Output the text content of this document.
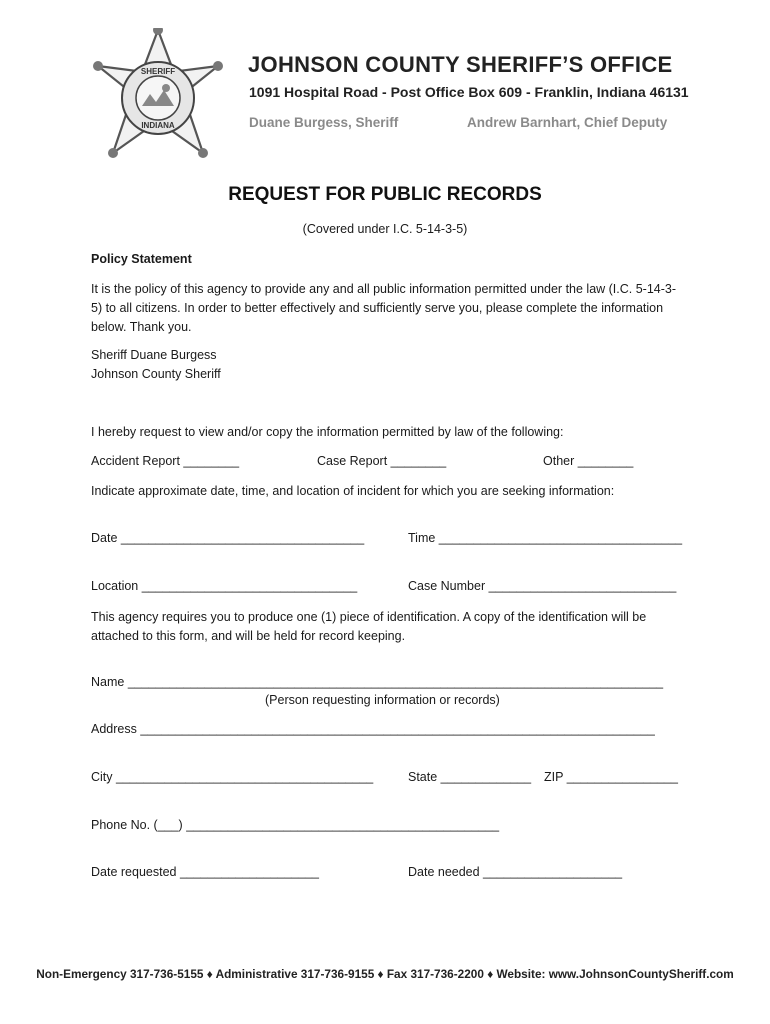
SHERIFF
INDIANA
JOHNSON COUNTY SHERIFF’S OFFICE
1091 Hospital Road - Post Office Box 609 - Franklin, Indiana 46131
Duane Burgess, Sheriff	Andrew Barnhart, Chief Deputy
REQUEST FOR PUBLIC RECORDS
(Covered under I.C. 5-14-3-5)
Policy Statement
It is the policy of this agency to provide any and all public information permitted under the law (I.C. 5-14-3-5) to all citizens. In order to better effectively and sufficiently serve you, please complete the information below. Thank you.
Sheriff Duane Burgess
Johnson County Sheriff
I hereby request to view and/or copy the information permitted by law of the following:
Accident Report ________	Case Report ________	Other ________
Indicate approximate date, time, and location of incident for which you are seeking information:
Date ___________________________________	Time ___________________________________
Location _______________________________	Case Number ___________________________
This agency requires you to produce one (1) piece of identification. A copy of the identification will be attached to this form, and will be held for record keeping.
Name _____________________________________________________________________________
(Person requesting information or records)
Address __________________________________________________________________________
City _____________________________________	State _____________ ZIP ________________
Phone No. (___) _____________________________________________
Date requested ____________________	Date needed ____________________
Non-Emergency 317-736-5155 ♦ Administrative 317-736-9155 ♦ Fax 317-736-2200 ♦ Website: www.JohnsonCountySheriff.com
